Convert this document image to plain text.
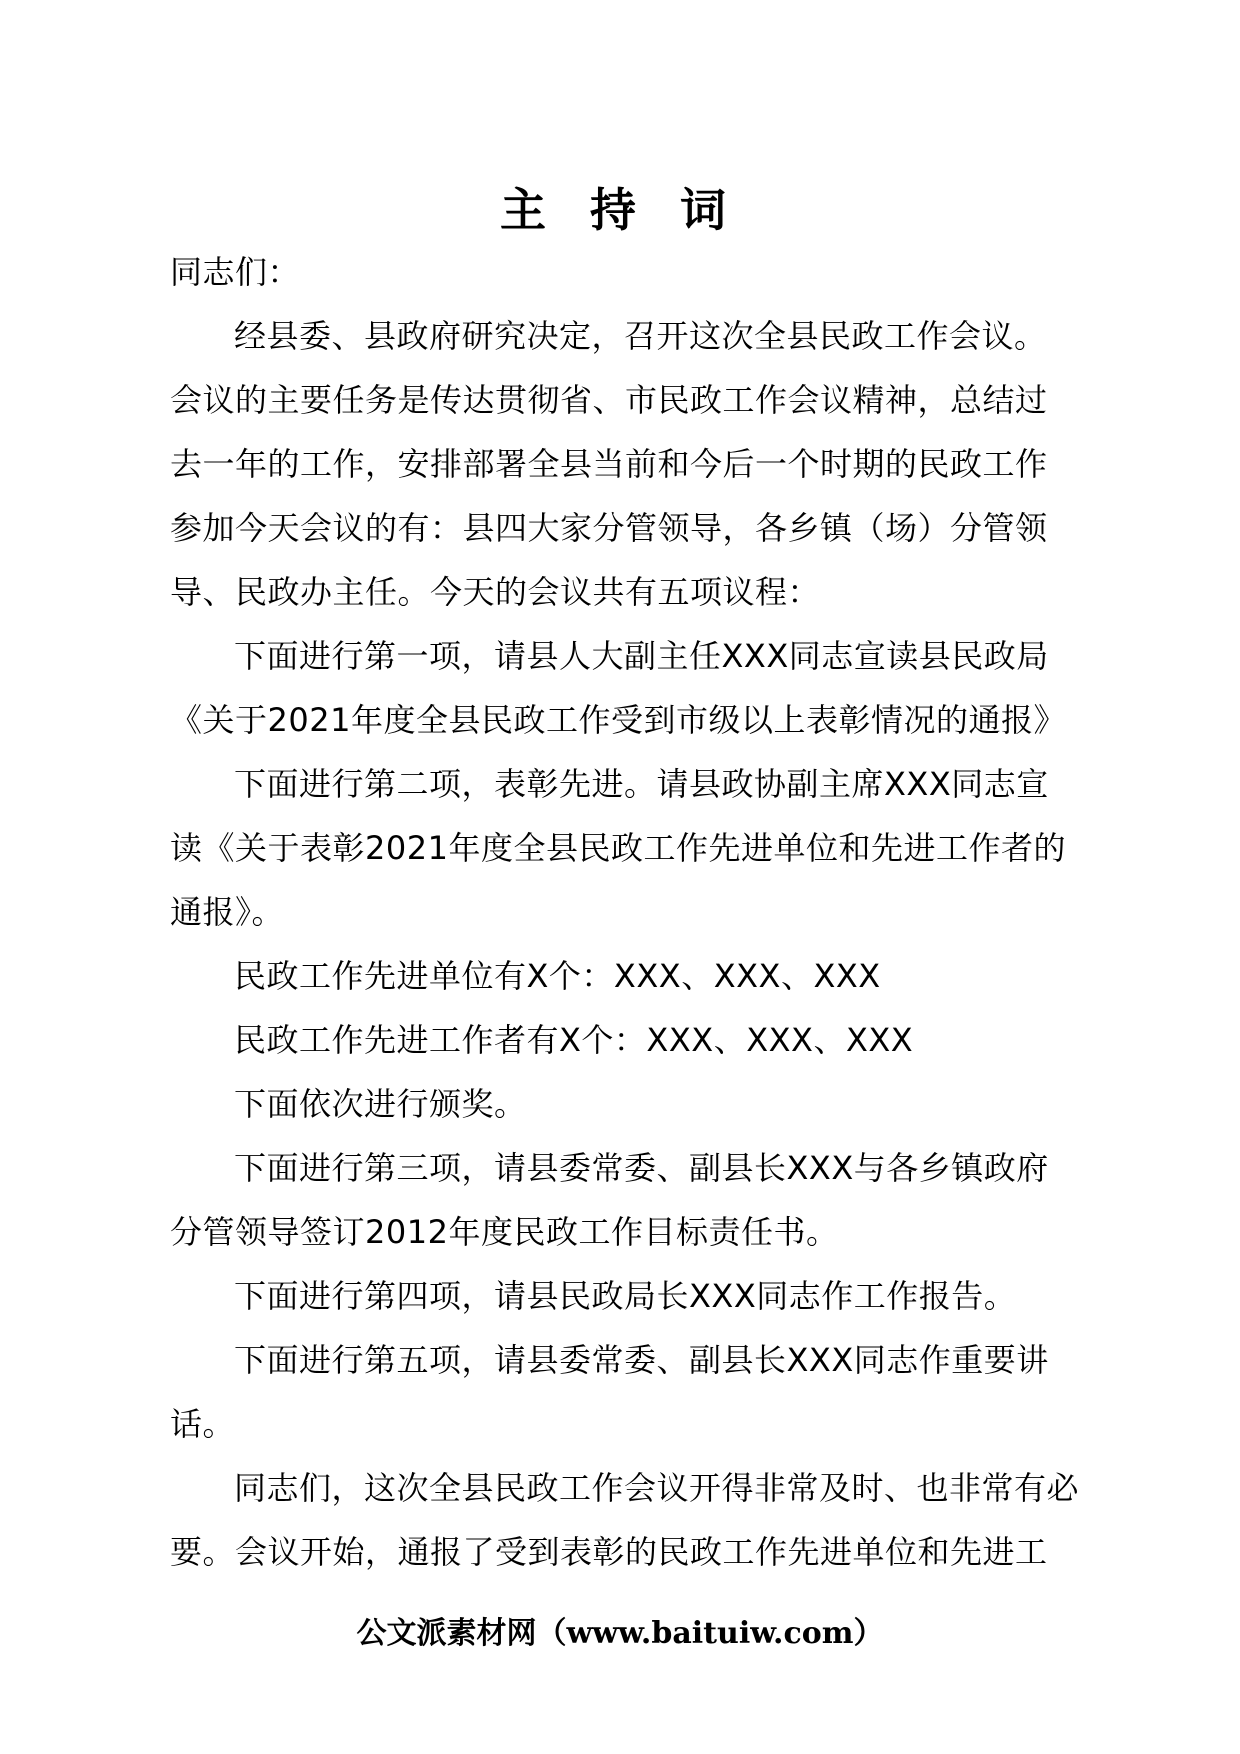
主 持 词
同志们：
经县委、县政府研究决定，召开这次全县民政工作会议。
会议的主要任务是传达贯彻省、市民政工作会议精神，总结过
去一年的工作，安排部署全县当前和今后一个时期的民政工作
参加今天会议的有：县四大家分管领导，各乡镇（场）分管领
导、民政办主任。今天的会议共有五项议程：
下面进行第一项，请县人大副主任XXX同志宣读县民政局
《关于2021年度全县民政工作受到市级以上表彰情况的通报》
下面进行第二项，表彰先进。请县政协副主席XXX同志宣
读《关于表彰2021年度全县民政工作先进单位和先进工作者的
通报》。
民政工作先进单位有X个：XXX、XXX、XXX
民政工作先进工作者有X个：XXX、XXX、XXX
下面依次进行颁奖。
下面进行第三项，请县委常委、副县长XXX与各乡镇政府
分管领导签订2012年度民政工作目标责任书。
下面进行第四项，请县民政局长XXX同志作工作报告。
下面进行第五项，请县委常委、副县长XXX同志作重要讲
话。
同志们，这次全县民政工作会议开得非常及时、也非常有必
要。会议开始，通报了受到表彰的民政工作先进单位和先进工
公文派素材网（www.baituiw.com）
